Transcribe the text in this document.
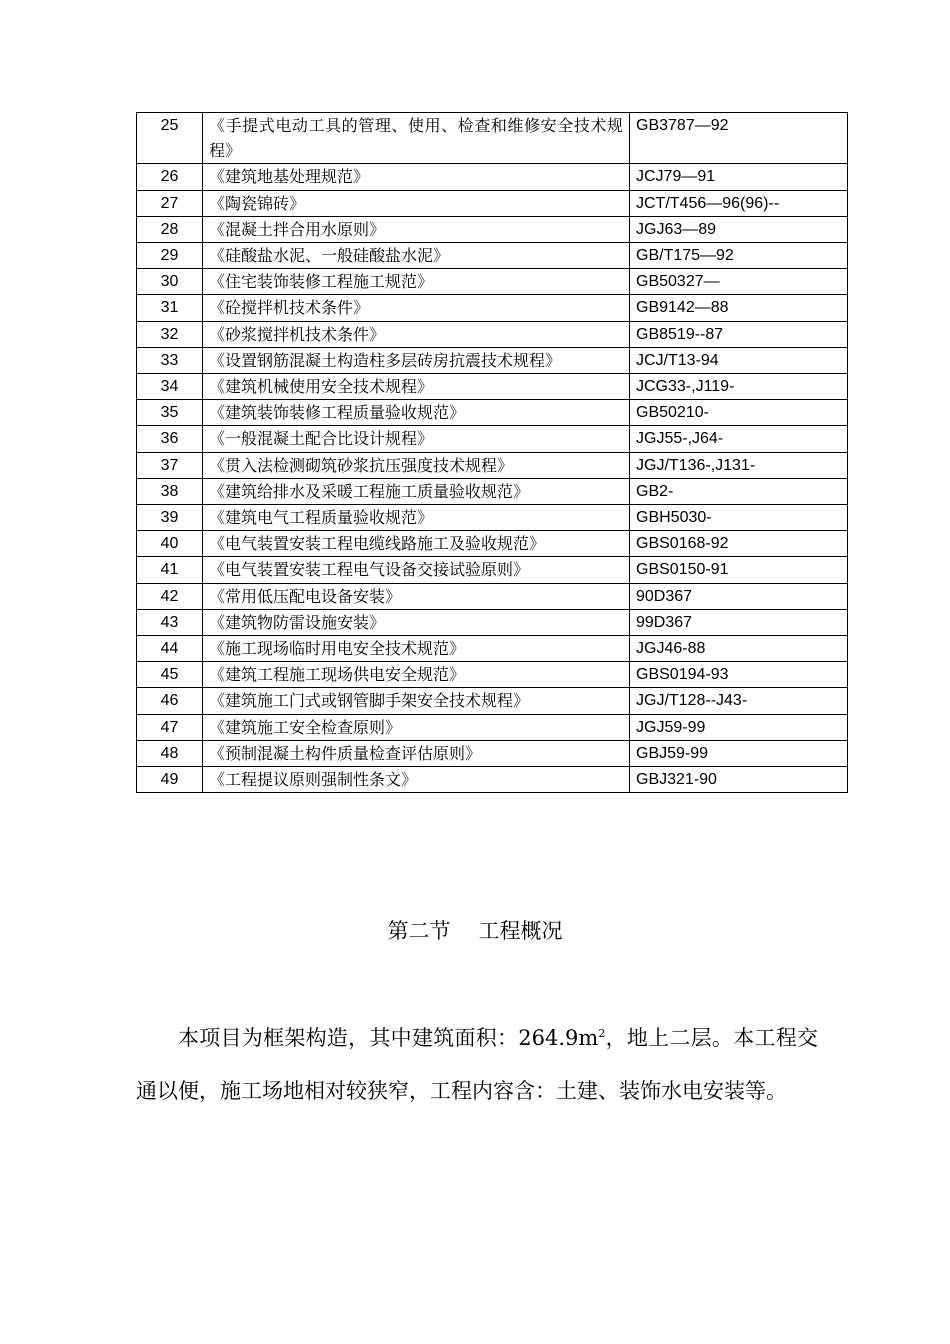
25	《手提式电动工具的管理、使用、检查和维修安全技术规程》	GB3787—92
26	《建筑地基处理规范》	JCJ79—91
27	《陶瓷锦砖》	JCT/T456—96(96)--
28	《混凝土拌合用水原则》	JGJ63—89
29	《硅酸盐水泥、一般硅酸盐水泥》	GB/T175—92
30	《住宅装饰装修工程施工规范》	GB50327—
31	《砼搅拌机技术条件》	GB9142—88
32	《砂浆搅拌机技术条件》	GB8519--87
33	《设置钢筋混凝土构造柱多层砖房抗震技术规程》	JCJ/T13-94
34	《建筑机械使用安全技术规程》	JCG33-,J119-
35	《建筑装饰装修工程质量验收规范》	GB50210-
36	《一般混凝土配合比设计规程》	JGJ55-,J64-
37	《贯入法检测砌筑砂浆抗压强度技术规程》	JGJ/T136-,J131-
38	《建筑给排水及采暖工程施工质量验收规范》	GB2-
39	《建筑电气工程质量验收规范》	GBH5030-
40	《电气装置安装工程电缆线路施工及验收规范》	GBS0168-92
41	《电气装置安装工程电气设备交接试验原则》	GBS0150-91
42	《常用低压配电设备安装》	90D367
43	《建筑物防雷设施安装》	99D367
44	《施工现场临时用电安全技术规范》	JGJ46-88
45	《建筑工程施工现场供电安全规范》	GBS0194-93
46	《建筑施工门式或钢管脚手架安全技术规程》	JGJ/T128--J43-
47	《建筑施工安全检查原则》	JGJ59-99
48	《预制混凝土构件质量检查评估原则》	GBJ59-99
49	《工程提议原则强制性条文》	GBJ321-90
第二节 工程概况

本项目为框架构造，其中建筑面积：$264.9m^2$，地上二层。本工程交通以便，施工场地相对较狭窄，工程内容含：土建、装饰水电安装等。
